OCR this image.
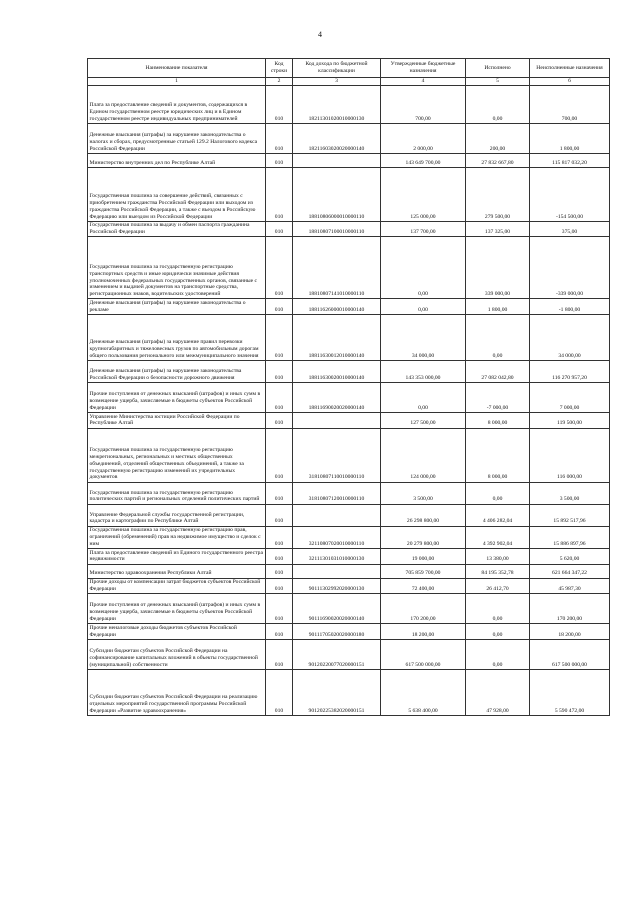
4
Наименование показателя	Код строки	Код дохода по бюджетной классификации	Утвержденные бюджетные назначения	Исполнено	Неисполненные назначения
1	2	3	4	5	6
Плата за предоставление сведений и документов, содержащихся в Едином государственном реестре юридических лиц и в Едином государственном реестре индивидуальных предпринимателей	010	18211301020010000130	700,00	0,00	700,00
Денежные взыскания (штрафы) за нарушение законодательства о налогах и сборах, предусмотренные статьей 129.2 Налогового кодекса Российской Федерации	010	18211603020020000140	2 000,00	200,00	1 800,00
Министерство внутренних дел по Республике Алтай	010		143 649 700,00	27 832 667,80	115 817 032,20
Государственная пошлина за совершение действий, связанных с приобретением гражданства Российской Федерации или выходом из гражданства Российской Федерации, а также с въездом в Российскую Федерацию или выездом из Российской Федерации	010	18810806000010000110	125 000,00	279 500,00	-154 500,00
Государственная пошлина за выдачу и обмен паспорта гражданина Российской Федерации	010	18810807100010000110	137 700,00	137 325,00	375,00
Государственная пошлина за государственную регистрацию транспортных средств и иные юридически значимые действия уполномоченных федеральных государственных органов, связанные с изменением и выдачей документов на транспортные средства, регистрационных знаков, водительских удостоверений	010	18810807141010000110	0,00	339 000,00	-339 000,00
Денежные взыскания (штрафы) за нарушение законодательства о рекламе	010	18811626000010000140	0,00	1 800,00	-1 800,00
Денежные взыскания (штрафы) за нарушение правил перевозки крупногабаритных и тяжеловесных грузов по автомобильным дорогам общего пользования регионального или межмуниципального значения	010	18811630012010000140	34 000,00	0,00	34 000,00
Денежные взыскания (штрафы) за нарушение законодательства Российской Федерации о безопасности дорожного движения	010	18811630020010000140	143 353 000,00	27 082 042,80	116 270 957,20
Прочие поступления от денежных взысканий (штрафов) и иных сумм в возмещение ущерба, зачисляемые в бюджеты субъектов Российской Федерации	010	18811690020020000140	0,00	-7 000,00	7 000,00
Управление Министерства юстиции Российской Федерации по Республике Алтай	010		127 500,00	8 000,00	119 500,00
Государственная пошлина за государственную регистрацию межрегиональных, региональных и местных общественных объединений, отделений общественных объединений, а также за государственную регистрацию изменений их учредительных документов	010	31810807110010000110	124 000,00	8 000,00	116 000,00
Государственная пошлина за государственную регистрацию политических партий и региональных отделений политических партий	010	31810807120010000110	3 500,00	0,00	3 500,00
Управление Федеральной службы государственной регистрации, кадастра и картографии по Республике Алтай	010		26 298 800,00	4 406 282,04	15 892 517,96
Государственная пошлина за государственную регистрацию прав, ограничений (обременений) прав на недвижимое имущество и сделок с ним	010	32110807020010000110	20 279 800,00	4 392 902,04	15 886 897,96
Плата за предоставление сведений из Единого государственного реестра недвижимости	010	32111301031010000130	19 000,00	13 380,00	5 620,00
Министерство здравоохранения Республики Алтай	010		705 859 700,00	84 195 352,78	621 664 347,22
Прочие доходы от компенсации затрат бюджетов субъектов Российской Федерации	010	90111302992020000130	72 400,00	26 412,70	45 987,30
Прочие поступления от денежных взысканий (штрафов) и иных сумм в возмещение ущерба, зачисляемые в бюджеты субъектов Российской Федерации	010	90111690020020000140	170 200,00	0,00	170 200,00
Прочие неналоговые доходы бюджетов субъектов Российской Федерации	010	90111705020020000180	18 200,00	0,00	18 200,00
Субсидии бюджетам субъектов Российской Федерации на софинансирование капитальных вложений в объекты государственной (муниципальной) собственности	010	90120220077020000151	617 500 000,00	0,00	617 500 000,00
Субсидии бюджетам субъектов Российской Федерации на реализацию отдельных мероприятий государственной программы Российской Федерации «Развитие здравоохранения»	010	90120225382020000151	5 638 400,00	47 928,00	5 590 472,00
